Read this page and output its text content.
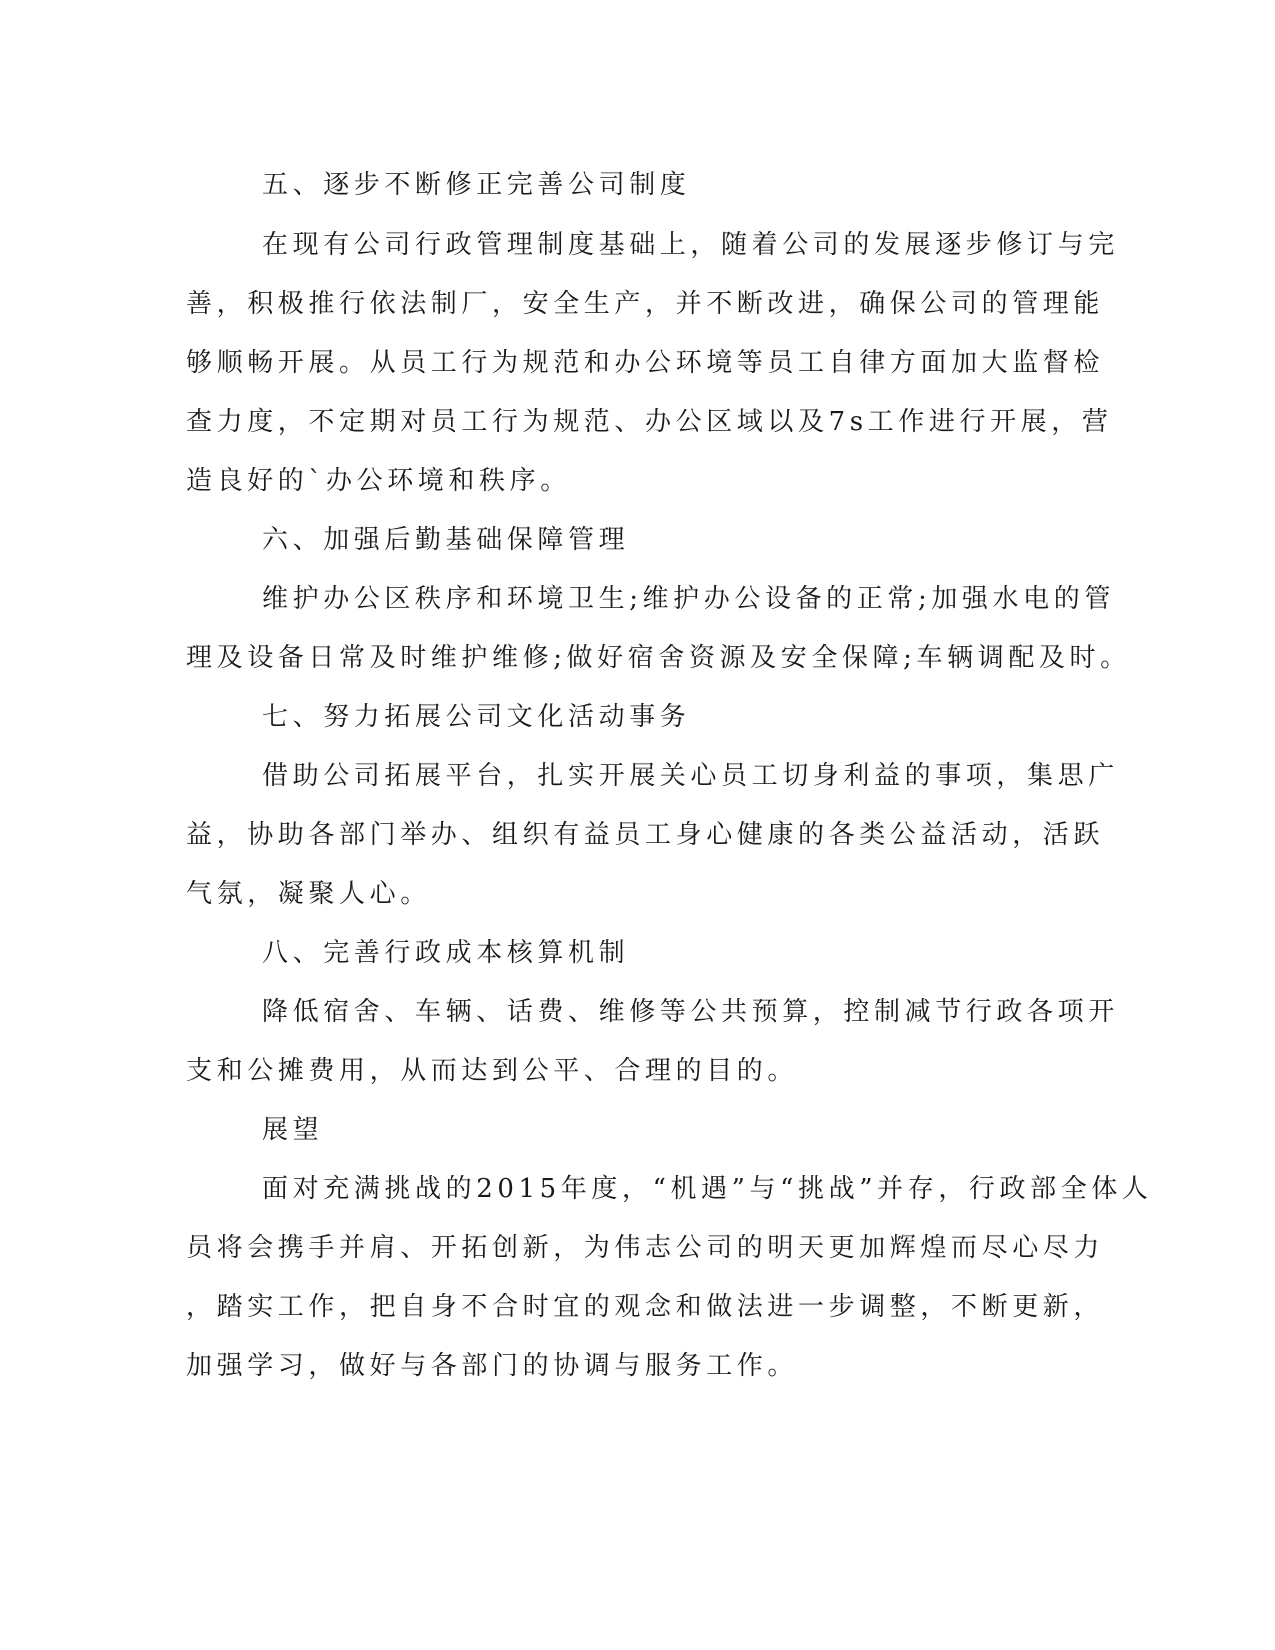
五、逐步不断修正完善公司制度
在现有公司行政管理制度基础上，随着公司的发展逐步修订与完
善，积极推行依法制厂，安全生产，并不断改进，确保公司的管理能
够顺畅开展。从员工行为规范和办公环境等员工自律方面加大监督检
查力度，不定期对员工行为规范、办公区域以及7s工作进行开展，营
造良好的`办公环境和秩序。
六、加强后勤基础保障管理
维护办公区秩序和环境卫生;维护办公设备的正常;加强水电的管
理及设备日常及时维护维修;做好宿舍资源及安全保障;车辆调配及时。
七、努力拓展公司文化活动事务
借助公司拓展平台，扎实开展关心员工切身利益的事项，集思广
益，协助各部门举办、组织有益员工身心健康的各类公益活动，活跃
气氛，凝聚人心。
八、完善行政成本核算机制
降低宿舍、车辆、话费、维修等公共预算，控制减节行政各项开
支和公摊费用，从而达到公平、合理的目的。
展望
面对充满挑战的2015年度，“机遇”与“挑战”并存，行政部全体人
员将会携手并肩、开拓创新，为伟志公司的明天更加辉煌而尽心尽力
，踏实工作，把自身不合时宜的观念和做法进一步调整，不断更新，
加强学习，做好与各部门的协调与服务工作。
